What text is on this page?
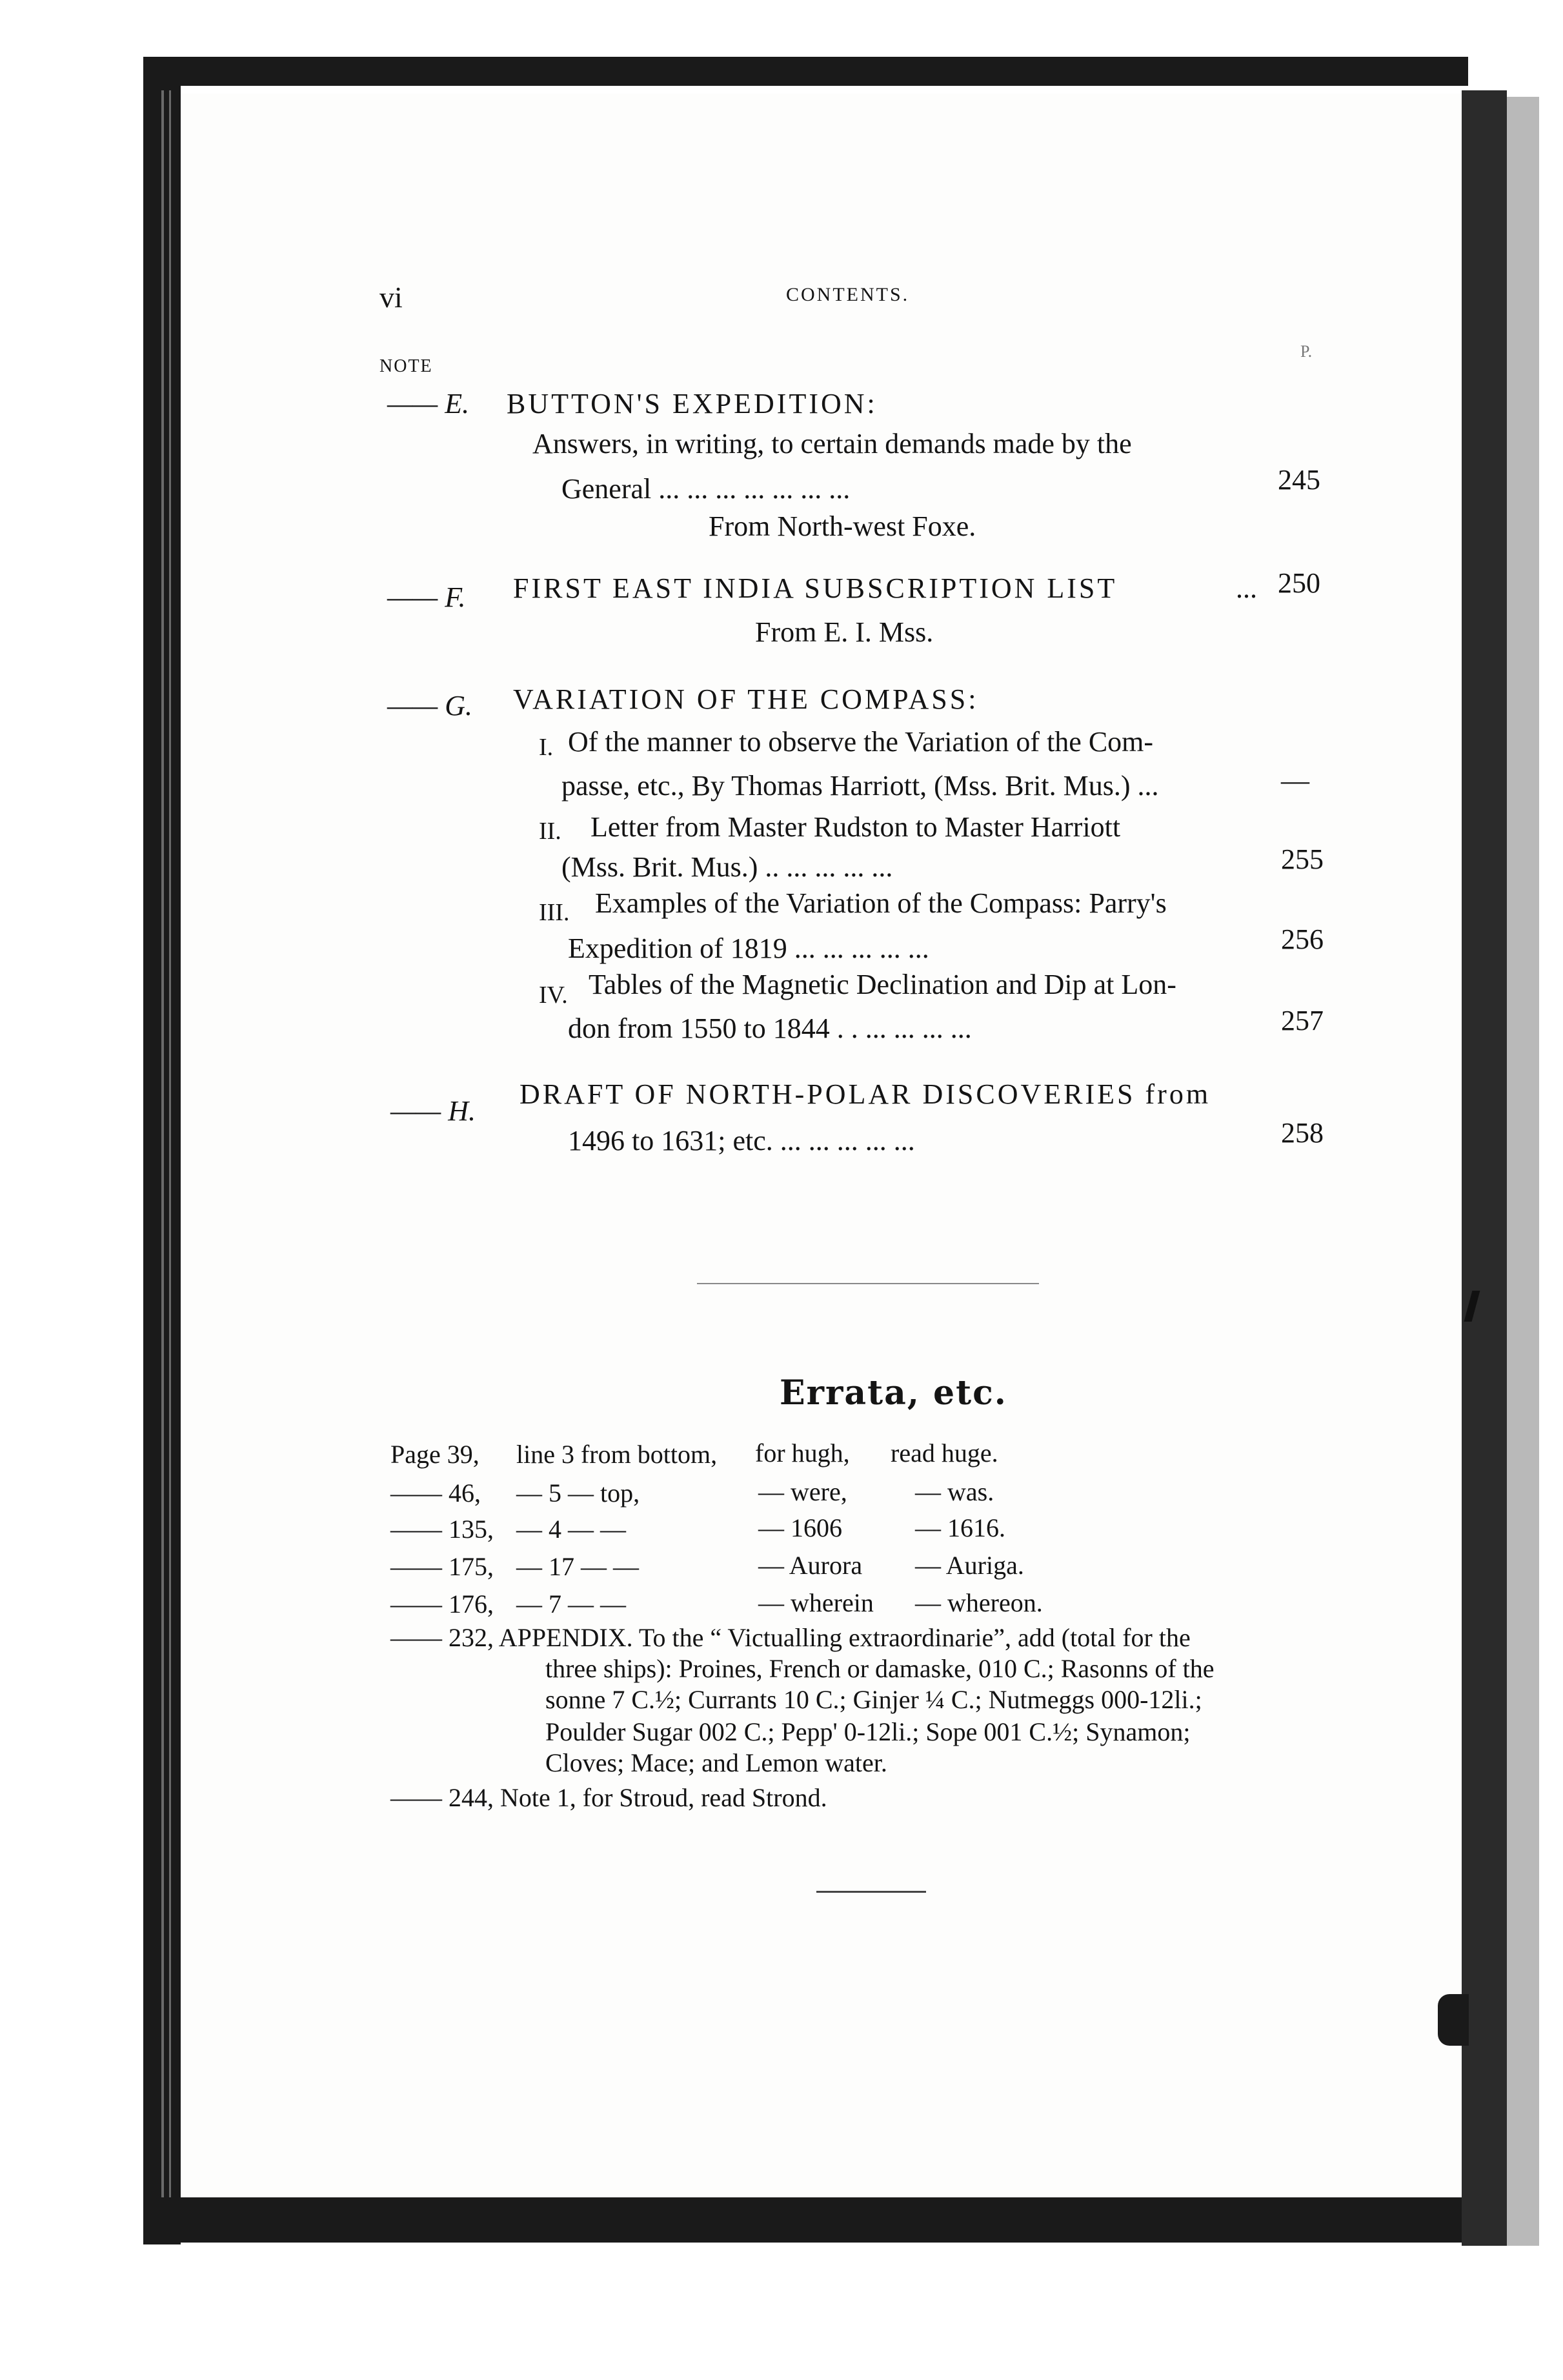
vi	CONTENTS.
NOTE
P.
—— E. BUTTON'S EXPEDITION:
Answers, in writing, to certain demands made by the
General ... ... ... ... ... ... ...	245
From North-west Foxe.
—— F. FIRST EAST INDIA SUBSCRIPTION LIST	... 250
From E. I. Mss.
—— G. VARIATION OF THE COMPASS:
I. Of the manner to observe the Variation of the Com-
passe, etc., By Thomas Harriott, (Mss. Brit. Mus.) ...	—
II. Letter from Master Rudston to Master Harriott
(Mss. Brit. Mus.) .. ... ... ... ...	255
III. Examples of the Variation of the Compass: Parry's
Expedition of 1819 ... ... ... ... ...	256
IV. Tables of the Magnetic Declination and Dip at Lon-
don from 1550 to 1844 . . ... ... ... ...	257
—— H.
DRAFT OF NORTH-POLAR DISCOVERIES from
1496 to 1631; etc. ... ... ... ... ...	258
Errata, etc.
Page 39, line 3 from bottom, for hugh, read huge.
—— 46, — 5 — top,	— were,	— was.
—— 135, — 4 — —	— 1606	— 1616.
—— 175, — 17 — —	— Aurora — Auriga.
—— 176, — 7 — —	— wherein — whereon.
—— 232, APPENDIX. To the “ Victualling extraordinarie”, add (total for the
three ships): Proines, French or damaske, 010 C.; Rasonns of the
sonne 7 C.½; Currants 10 C.; Ginjer ¼ C.; Nutmeggs 000-12li.;
Poulder Sugar 002 C.; Pepp' 0-12li.; Sope 001 C.½; Synamon;
Cloves; Mace; and Lemon water.
—— 244, Note 1, for Stroud, read Strond.
